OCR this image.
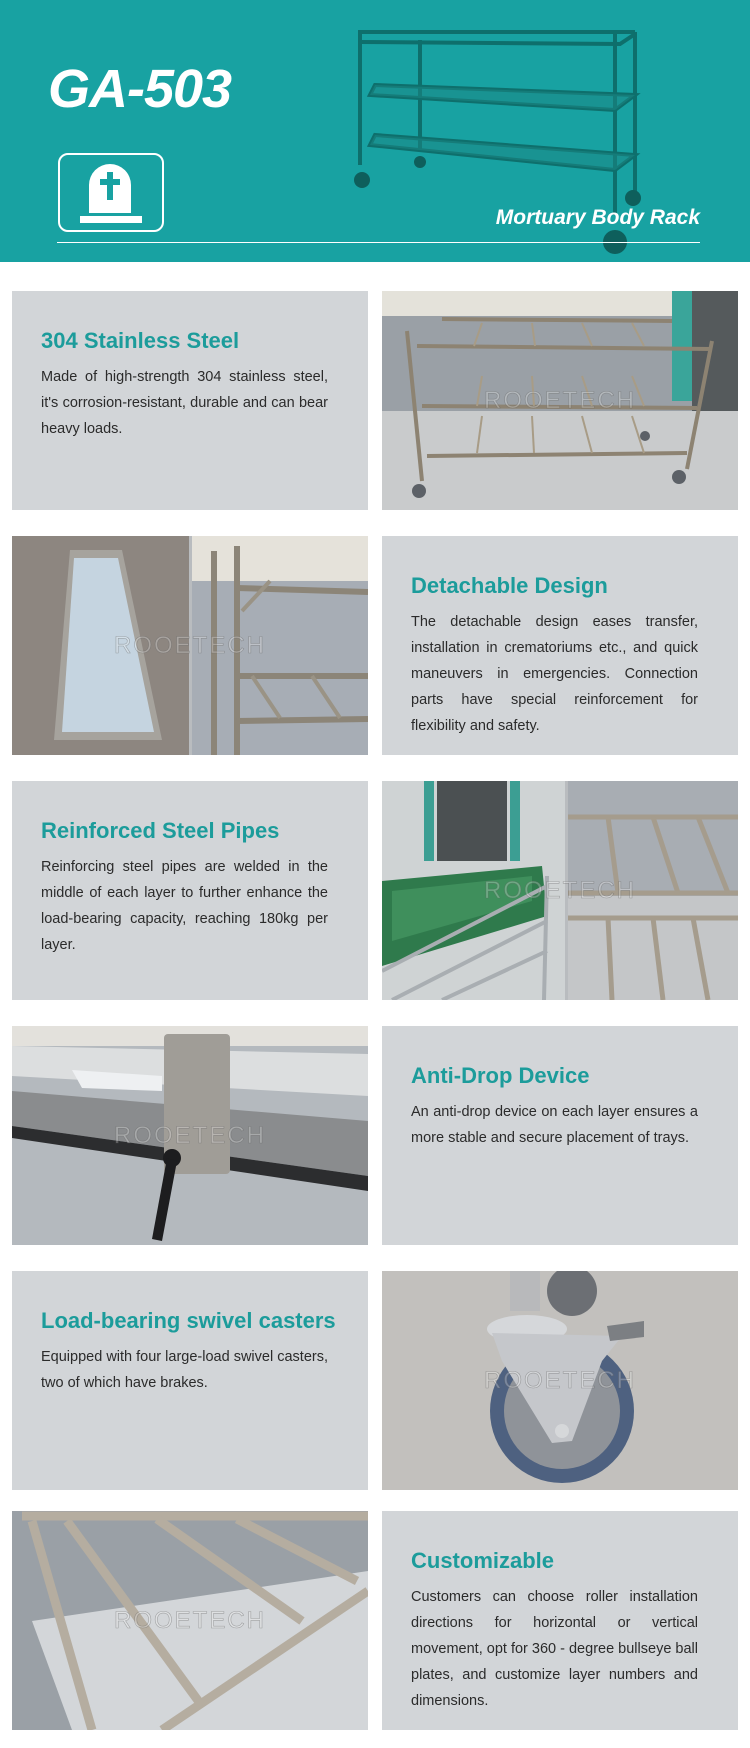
GA-503
Mortuary Body Rack
304 Stainless Steel

Made of high-strength 304 stainless steel, it's corrosion-resistant, durable and can bear heavy loads.

ROOETECH
ROOETECH
Detachable Design

The detachable design eases transfer, installation in crematoriums etc., and quick maneuvers in emergencies. Connection parts have special reinforcement for flexibility and safety.

Reinforced Steel Pipes

Reinforcing steel pipes are welded in the middle of each layer to further enhance the load-bearing capacity, reaching 180kg per layer.

ROOETECH
ROOETECH
Anti-Drop Device

An anti-drop device on each layer ensures a more stable and secure placement of trays.

Load-bearing swivel casters

Equipped with four large-load swivel casters, two of which have brakes.	ROOETECH
ROOETECH
Customizable

Customers can choose roller installation directions for horizontal or vertical movement, opt for 360 - degree bullseye ball plates, and customize layer numbers and dimensions.
